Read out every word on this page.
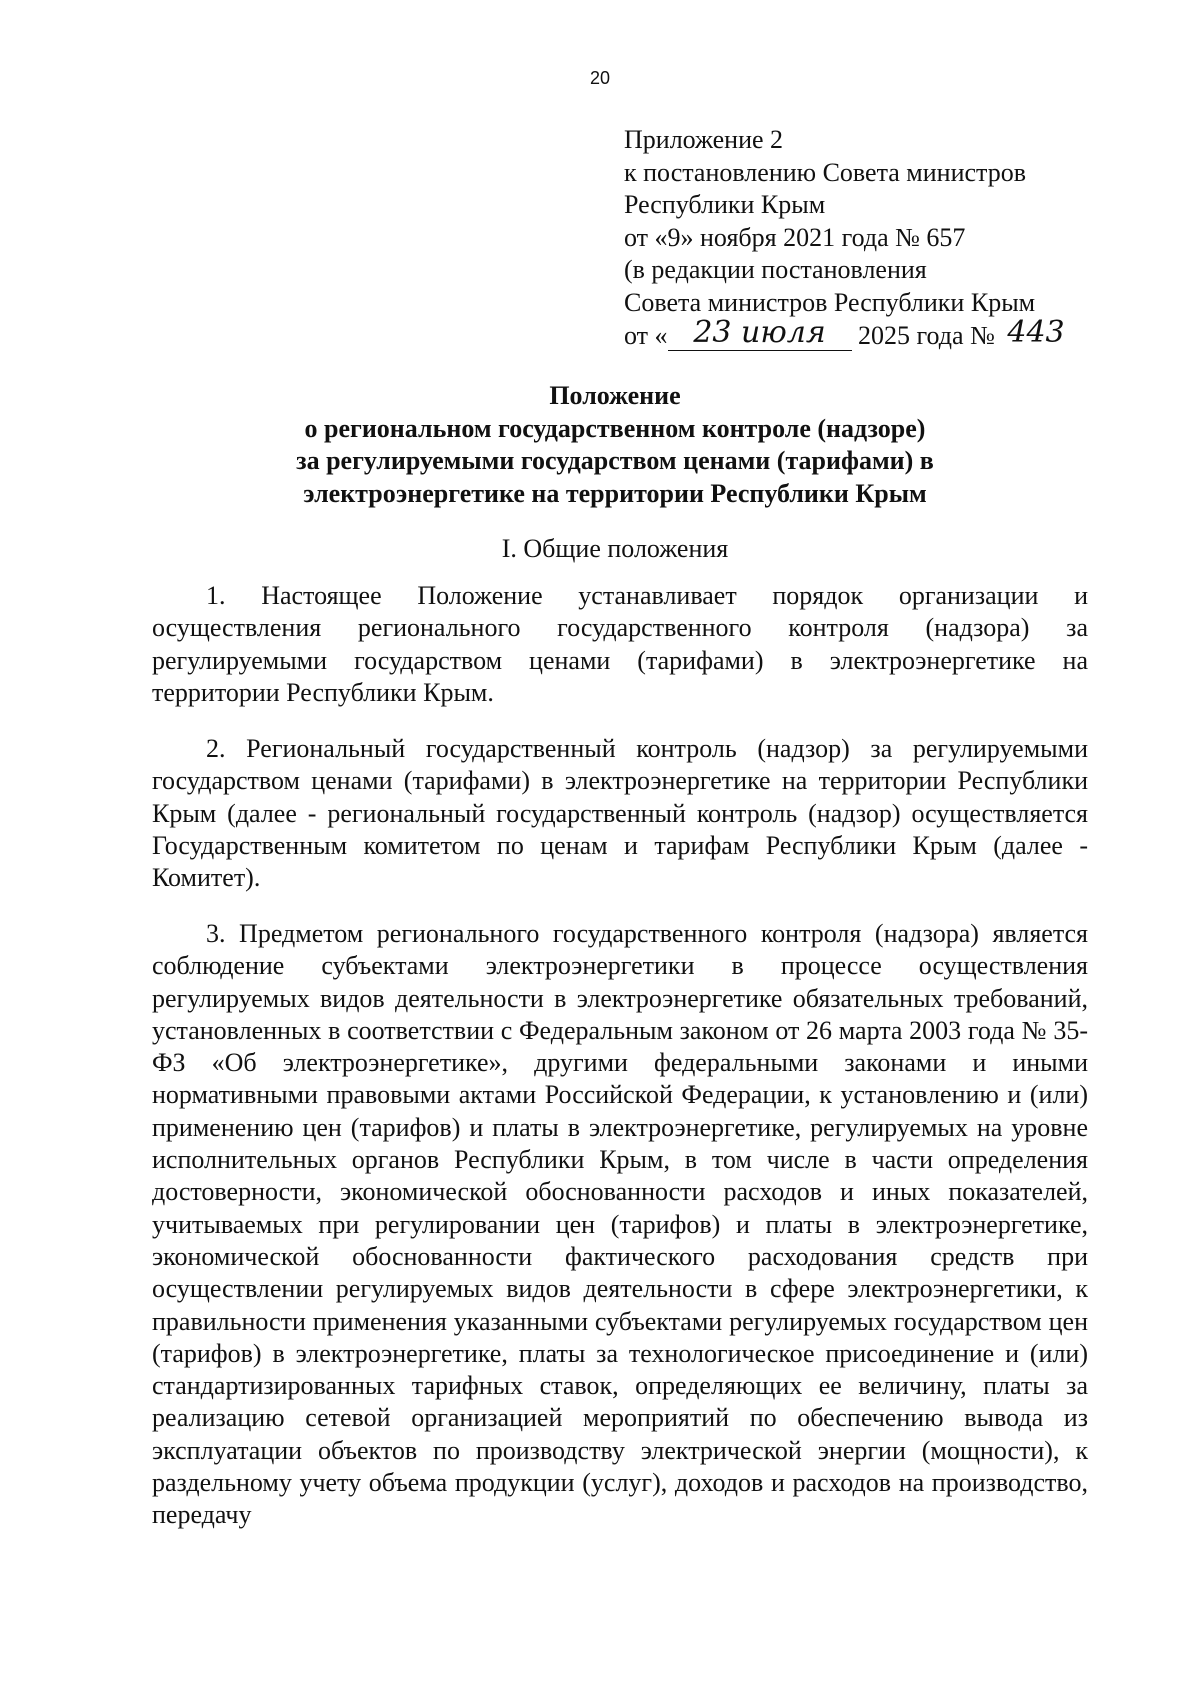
20
Приложение 2
к постановлению Совета министров
Республики Крым
от «9» ноября 2021 года № 657
(в редакции постановления
Совета министров Республики Крым
от « 23 июля 2025 года № 443
Положение
о региональном государственном контроле (надзоре)
за регулируемыми государством ценами (тарифами) в
электроэнергетике на территории Республики Крым
I. Общие положения

1. Настоящее Положение устанавливает порядок организации и осуществления регионального государственного контроля (надзора) за регулируемыми государством ценами (тарифами) в электроэнергетике на территории Республики Крым.

2. Региональный государственный контроль (надзор) за регулируемыми государством ценами (тарифами) в электроэнергетике на территории Республики Крым (далее - региональный государственный контроль (надзор) осуществляется Государственным комитетом по ценам и тарифам Республики Крым (далее - Комитет).

3. Предметом регионального государственного контроля (надзора) является соблюдение субъектами электроэнергетики в процессе осуществления регулируемых видов деятельности в электроэнергетике обязательных требований, установленных в соответствии с Федеральным законом от 26 марта 2003 года № 35-ФЗ «Об электроэнергетике», другими федеральными законами и иными нормативными правовыми актами Российской Федерации, к установлению и (или) применению цен (тарифов) и платы в электроэнергетике, регулируемых на уровне исполнительных органов Республики Крым, в том числе в части определения достоверности, экономической обоснованности расходов и иных показателей, учитываемых при регулировании цен (тарифов) и платы в электроэнергетике, экономической обоснованности фактического расходования средств при осуществлении регулируемых видов деятельности в сфере электроэнергетики, к правильности применения указанными субъектами регулируемых государством цен (тарифов) в электроэнергетике, платы за технологическое присоединение и (или) стандартизированных тарифных ставок, определяющих ее величину, платы за реализацию сетевой организацией мероприятий по обеспечению вывода из эксплуатации объектов по производству электрической энергии (мощности), к раздельному учету объема продукции (услуг), доходов и расходов на производство, передачу
